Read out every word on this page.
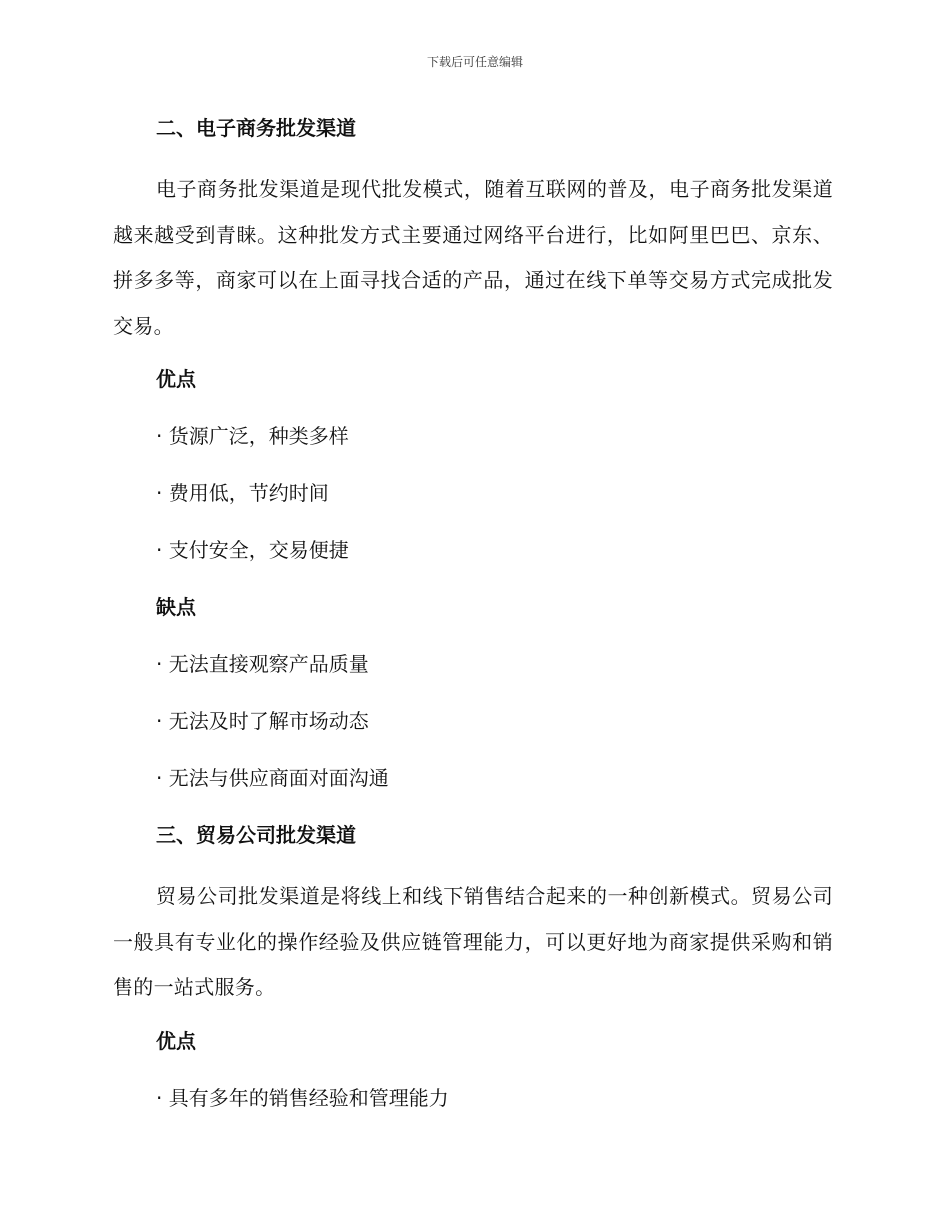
下载后可任意编辑
二、电子商务批发渠道
电子商务批发渠道是现代批发模式，随着互联网的普及，电子商务批发渠道越来越受到青睐。这种批发方式主要通过网络平台进行，比如阿里巴巴、京东、拼多多等，商家可以在上面寻找合适的产品，通过在线下单等交易方式完成批发交易。
优点
· 货源广泛，种类多样
· 费用低，节约时间
· 支付安全，交易便捷
缺点
· 无法直接观察产品质量
· 无法及时了解市场动态
· 无法与供应商面对面沟通
三、贸易公司批发渠道
贸易公司批发渠道是将线上和线下销售结合起来的一种创新模式。贸易公司一般具有专业化的操作经验及供应链管理能力，可以更好地为商家提供采购和销售的一站式服务。
优点
· 具有多年的销售经验和管理能力
